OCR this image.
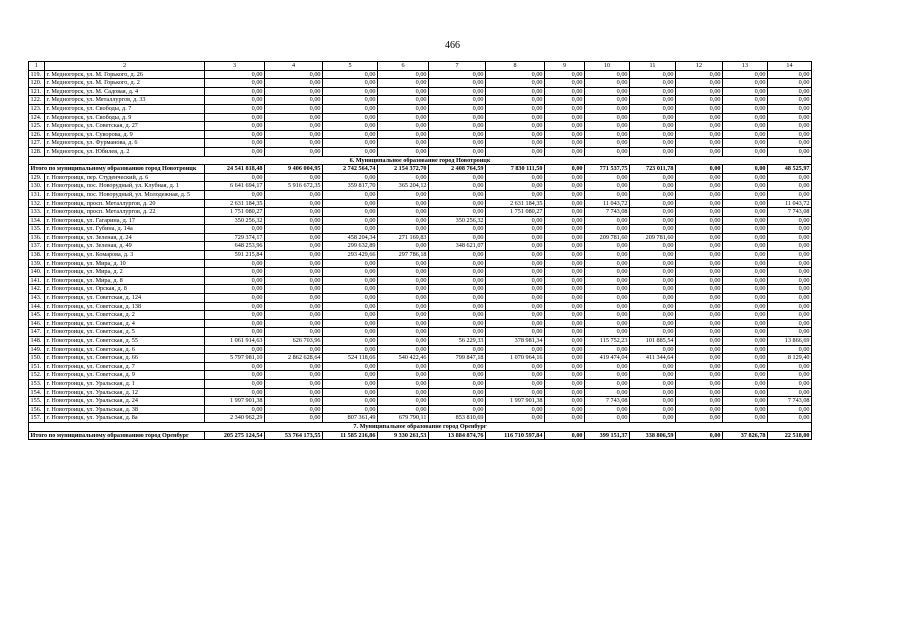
466
1	2	3	4	5	6	7	8	9	10	11	12	13	14
119.	г. Медногорск, ул. М. Горького, д. 26	0,00	0,00	0,00	0,00	0,00	0,00	0,00	0,00	0,00	0,00	0,00	0,00
120.	г. Медногорск, ул. М. Горького, д. 2	0,00	0,00	0,00	0,00	0,00	0,00	0,00	0,00	0,00	0,00	0,00	0,00
121.	г. Медногорск, ул. М. Садовая, д. 4	0,00	0,00	0,00	0,00	0,00	0,00	0,00	0,00	0,00	0,00	0,00	0,00
122.	г. Медногорск, ул. Металлургов, д. 33	0,00	0,00	0,00	0,00	0,00	0,00	0,00	0,00	0,00	0,00	0,00	0,00
123.	г. Медногорск, ул. Свободы, д. 7	0,00	0,00	0,00	0,00	0,00	0,00	0,00	0,00	0,00	0,00	0,00	0,00
124.	г. Медногорск, ул. Свободы, д. 9	0,00	0,00	0,00	0,00	0,00	0,00	0,00	0,00	0,00	0,00	0,00	0,00
125.	г. Медногорск, ул. Советская, д. 27	0,00	0,00	0,00	0,00	0,00	0,00	0,00	0,00	0,00	0,00	0,00	0,00
126.	г. Медногорск, ул. Суворова, д. 9	0,00	0,00	0,00	0,00	0,00	0,00	0,00	0,00	0,00	0,00	0,00	0,00
127.	г. Медногорск, ул. Фурманова, д. 6	0,00	0,00	0,00	0,00	0,00	0,00	0,00	0,00	0,00	0,00	0,00	0,00
128.	г. Медногорск, ул. Юбилея, д. 2	0,00	0,00	0,00	0,00	0,00	0,00	0,00	0,00	0,00	0,00	0,00	0,00
6. Муниципальное образование город Новотроицк													
Итого по муниципальному образованию город Новотроицк		24 541 818,48	9 406 004,95	2 742 564,74	2 154 372,70	2 408 764,59	7 830 111,50	0,00	771 537,75	723 011,78	0,00	0,00	48 525,97
129.	г. Новотроицк, пер. Студенческий, д. 6	0,00	0,00	0,00	0,00	0,00	0,00	0,00	0,00	0,00	0,00	0,00	0,00
130.	г. Новотроицк, пос. Новорудный, ул. Клубная, д. 1	6 641 694,17	5 916 672,35	359 817,70	365 204,12	0,00	0,00	0,00	0,00	0,00	0,00	0,00	0,00
131.	г. Новотроицк, пос. Новорудный, ул. Молодежная, д. 5	0,00	0,00	0,00	0,00	0,00	0,00	0,00	0,00	0,00	0,00	0,00	0,00
132.	г. Новотроицк, просп. Металлургов, д. 20	2 631 184,35	0,00	0,00	0,00	0,00	2 631 184,35	0,00	11 043,72	0,00	0,00	0,00	11 043,72
133.	г. Новотроицк, просп. Металлургов, д. 22	1 751 080,27	0,00	0,00	0,00	0,00	1 751 080,27	0,00	7 743,08	0,00	0,00	0,00	7 743,08
134.	г. Новотроицк, ул. Гагарина, д. 17	350 256,32	0,00	0,00	0,00	350 256,32	0,00	0,00	0,00	0,00	0,00	0,00	0,00
135.	г. Новотроицк, ул. Губина, д. 14а	0,00	0,00	0,00	0,00	0,00	0,00	0,00	0,00	0,00	0,00	0,00	0,00
136.	г. Новотроицк, ул. Зеленая, д. 24	729 374,17	0,00	458 204,34	271 169,83	0,00	0,00	0,00	209 781,60	209 781,60	0,00	0,00	0,00
137.	г. Новотроицк, ул. Зеленая, д. 49	648 253,96	0,00	299 632,89	0,00	348 621,07	0,00	0,00	0,00	0,00	0,00	0,00	0,00
138.	г. Новотроицк, ул. Комарова, д. 3	591 215,84	0,00	293 429,66	297 786,18	0,00	0,00	0,00	0,00	0,00	0,00	0,00	0,00
139.	г. Новотроицк, ул. Мира, д. 10	0,00	0,00	0,00	0,00	0,00	0,00	0,00	0,00	0,00	0,00	0,00	0,00
140.	г. Новотроицк, ул. Мира, д. 2	0,00	0,00	0,00	0,00	0,00	0,00	0,00	0,00	0,00	0,00	0,00	0,00
141.	г. Новотроицк, ул. Мира, д. 8	0,00	0,00	0,00	0,00	0,00	0,00	0,00	0,00	0,00	0,00	0,00	0,00
142.	г. Новотроицк, ул. Орская, д. 8	0,00	0,00	0,00	0,00	0,00	0,00	0,00	0,00	0,00	0,00	0,00	0,00
143.	г. Новотроицк, ул. Советская, д. 124	0,00	0,00	0,00	0,00	0,00	0,00	0,00	0,00	0,00	0,00	0,00	0,00
144.	г. Новотроицк, ул. Советская, д. 138	0,00	0,00	0,00	0,00	0,00	0,00	0,00	0,00	0,00	0,00	0,00	0,00
145.	г. Новотроицк, ул. Советская, д. 2	0,00	0,00	0,00	0,00	0,00	0,00	0,00	0,00	0,00	0,00	0,00	0,00
146.	г. Новотроицк, ул. Советская, д. 4	0,00	0,00	0,00	0,00	0,00	0,00	0,00	0,00	0,00	0,00	0,00	0,00
147.	г. Новотроицк, ул. Советская, д. 5	0,00	0,00	0,00	0,00	0,00	0,00	0,00	0,00	0,00	0,00	0,00	0,00
148.	г. Новотроицк, ул. Советская, д. 55	1 061 914,63	626 703,96	0,00	0,00	56 229,33	378 981,34	0,00	115 752,23	101 885,54	0,00	0,00	13 866,69
149.	г. Новотроицк, ул. Советская, д. 6	0,00	0,00	0,00	0,00	0,00	0,00	0,00	0,00	0,00	0,00	0,00	0,00
150.	г. Новотроицк, ул. Советская, д. 66	5 797 981,10	2 862 628,64	524 118,66	540 422,46	799 847,18	1 070 964,16	0,00	419 474,04	411 344,64	0,00	0,00	8 129,40
151.	г. Новотроицк, ул. Советская, д. 7	0,00	0,00	0,00	0,00	0,00	0,00	0,00	0,00	0,00	0,00	0,00	0,00
152.	г. Новотроицк, ул. Советская, д. 9	0,00	0,00	0,00	0,00	0,00	0,00	0,00	0,00	0,00	0,00	0,00	0,00
153.	г. Новотроицк, ул. Уральская, д. 1	0,00	0,00	0,00	0,00	0,00	0,00	0,00	0,00	0,00	0,00	0,00	0,00
154.	г. Новотроицк, ул. Уральская, д. 12	0,00	0,00	0,00	0,00	0,00	0,00	0,00	0,00	0,00	0,00	0,00	0,00
155.	г. Новотроицк, ул. Уральская, д. 24	1 997 901,38	0,00	0,00	0,00	0,00	1 997 901,38	0,00	7 743,08	0,00	0,00	0,00	7 743,08
156.	г. Новотроицк, ул. Уральская, д. 38	0,00	0,00	0,00	0,00	0,00	0,00	0,00	0,00	0,00	0,00	0,00	0,00
157.	г. Новотроицк, ул. Уральская, д. 8а	2 340 962,29	0,00	807 361,49	679 790,11	853 810,69	0,00	0,00	0,00	0,00	0,00	0,00	0,00
7. Муниципальное образование город Оренбург													
Итого по муниципальному образованию город Оренбург		205 275 124,54	53 764 173,55	11 585 216,86	9 330 261,53	13 884 874,76	116 710 597,84	0,00	399 151,37	338 806,59	0,00	37 826,78	22 518,00
